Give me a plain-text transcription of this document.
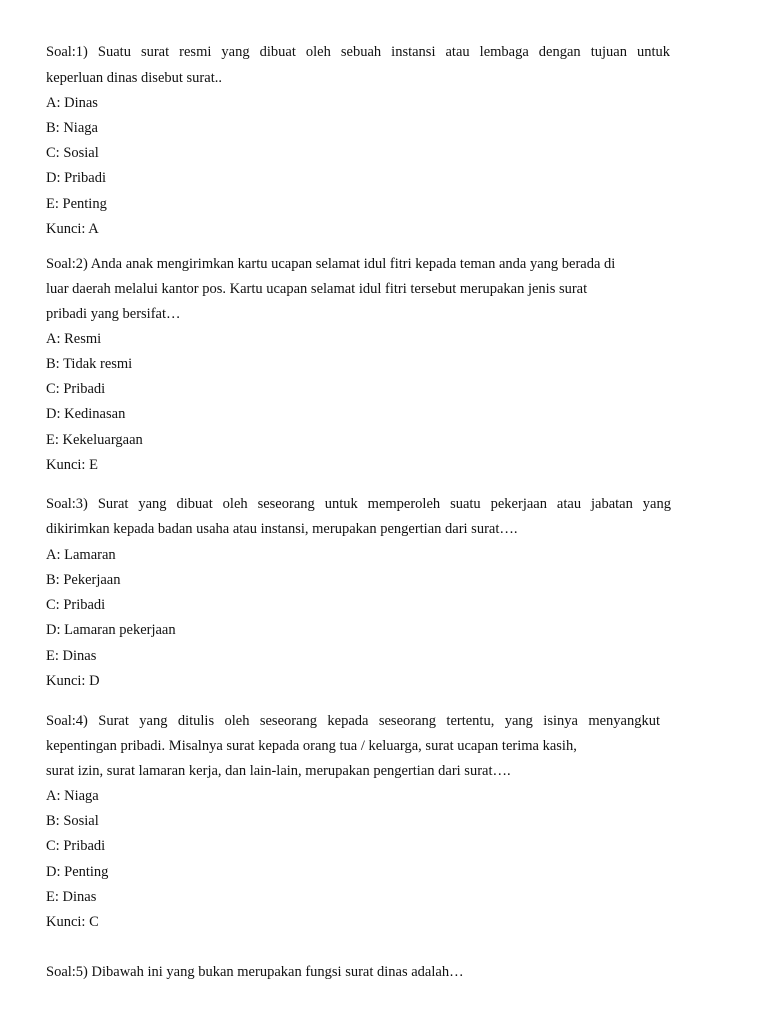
Soal:1) Suatu surat resmi yang dibuat oleh sebuah instansi atau lembaga dengan tujuan untuk
keperluan dinas disebut surat..
A: Dinas
B: Niaga
C: Sosial
D: Pribadi
E: Penting
Kunci: A
Soal:2) Anda anak mengirimkan kartu ucapan selamat idul fitri kepada teman anda yang berada di
luar daerah melalui kantor pos. Kartu ucapan selamat idul fitri tersebut merupakan jenis surat
pribadi yang bersifat…
A: Resmi
B: Tidak resmi
C: Pribadi
D: Kedinasan
E: Kekeluargaan
Kunci: E
Soal:3) Surat yang dibuat oleh seseorang untuk memperoleh suatu pekerjaan atau jabatan yang
dikirimkan kepada badan usaha atau instansi, merupakan pengertian dari surat….
A: Lamaran
B: Pekerjaan
C: Pribadi
D: Lamaran pekerjaan
E: Dinas
Kunci: D
Soal:4) Surat yang ditulis oleh seseorang kepada seseorang tertentu, yang isinya menyangkut
kepentingan pribadi. Misalnya surat kepada orang tua / keluarga, surat ucapan terima kasih,
surat izin, surat lamaran kerja, dan lain-lain, merupakan pengertian dari surat….
A: Niaga
B: Sosial
C: Pribadi
D: Penting
E: Dinas
Kunci: C
Soal:5) Dibawah ini yang bukan merupakan fungsi surat dinas adalah…
